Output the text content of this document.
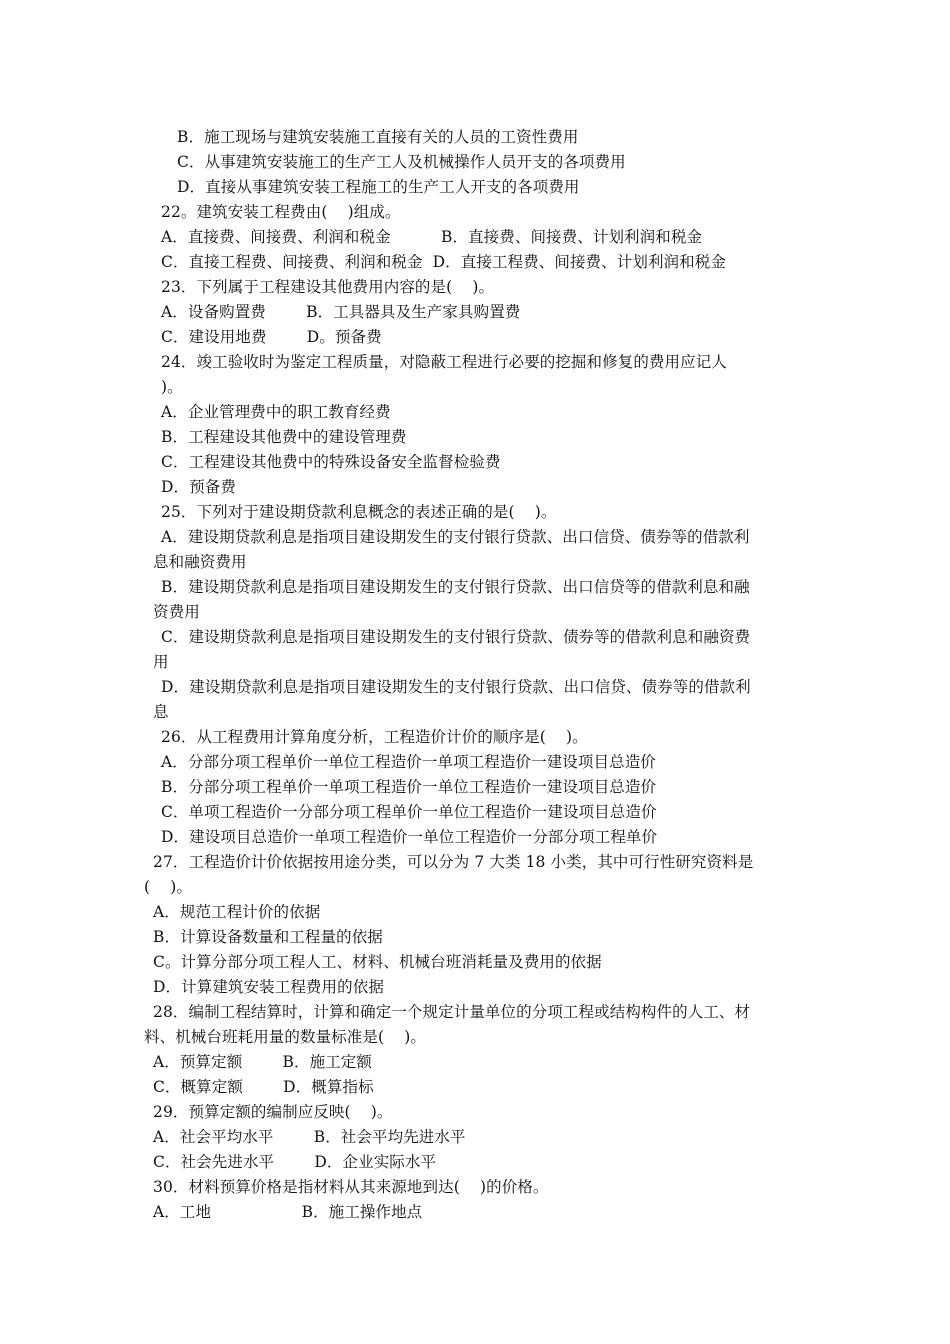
B．施工现场与建筑安装施工直接有关的人员的工资性费用
C．从事建筑安装施工的生产工人及机械操作人员开支的各项费用
D．直接从事建筑安装工程施工的生产工人开支的各项费用
22。建筑安装工程费由(    )组成。
A．直接费、间接费、利润和税金          B．直接费、间接费、计划利润和税金
C．直接工程费、间接费、利润和税金  D．直接工程费、间接费、计划利润和税金
23．下列属于工程建设其他费用内容的是(    )。
A．设备购置费        B．工具器具及生产家具购置费
C．建设用地费        D。预备费
24．竣工验收时为鉴定工程质量，对隐蔽工程进行必要的挖掘和修复的费用应记人
)。
A．企业管理费中的职工教育经费
B．工程建设其他费中的建设管理费
C．工程建设其他费中的特殊设备安全监督检验费
D．预备费
25．下列对于建设期贷款利息概念的表述正确的是(    )。
A．建设期贷款利息是指项目建设期发生的支付银行贷款、出口信贷、债券等的借款利
息和融资费用
B．建设期贷款利息是指项目建设期发生的支付银行贷款、出口信贷等的借款利息和融
资费用
C．建设期贷款利息是指项目建设期发生的支付银行贷款、债券等的借款利息和融资费
用
D．建设期贷款利息是指项目建设期发生的支付银行贷款、出口信贷、债券等的借款利
息
26．从工程费用计算角度分析，工程造价计价的顺序是(    )。
A．分部分项工程单价一单位工程造价一单项工程造价一建设项目总造价
B．分部分项工程单价一单项工程造价一单位工程造价一建设项目总造价
C．单项工程造价一分部分项工程单价一单位工程造价一建设项目总造价
D．建设项目总造价一单项工程造价一单位工程造价一分部分项工程单价
27．工程造价计价依据按用途分类，可以分为 7 大类 18 小类，其中可行性研究资料是
(    )。
A．规范工程计价的依据
B．计算设备数量和工程量的依据
C。计算分部分项工程人工、材料、机械台班消耗量及费用的依据
D．计算建筑安装工程费用的依据
28．编制工程结算时，计算和确定一个规定计量单位的分项工程或结构构件的人工、材
料、机械台班耗用量的数量标准是(    )。
A．预算定额        B．施工定额
C．概算定额        D．概算指标
29．预算定额的编制应反映(    )。
A．社会平均水平        B．社会平均先进水平
C．社会先进水平        D．企业实际水平
30．材料预算价格是指材料从其来源地到达(    )的价格。
A．工地                  B．施工操作地点
